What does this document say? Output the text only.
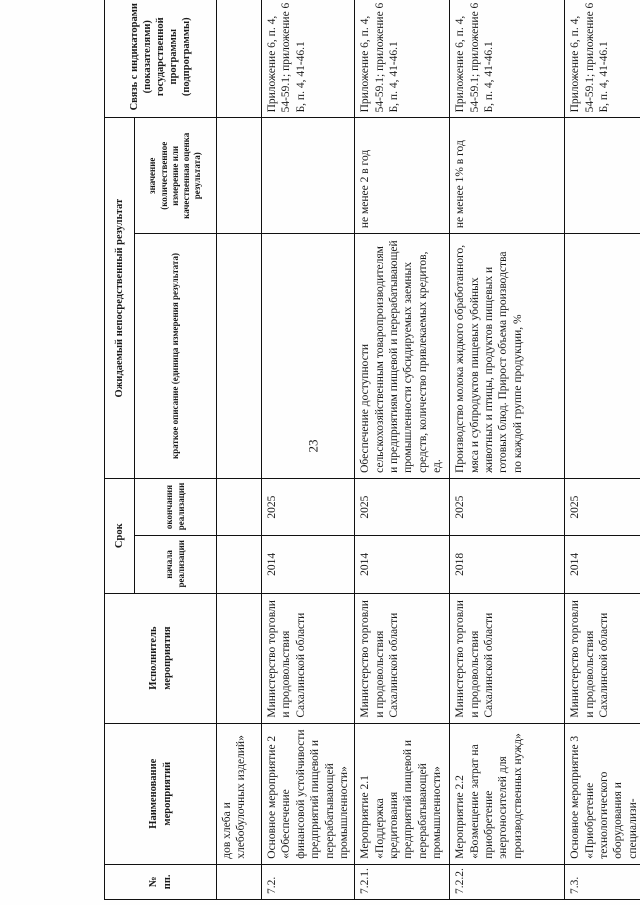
23
№ пп.	Наименование мероприятий	Исполнитель мероприятия	Срок		Ожидаемый непосредственный результат		Связь с индикаторами (показателями) государственной программы (подпрограммы)
			начала реализации	окончания реализации	краткое описание (единица измерения результата)	значение (количественное измерение или качественная оценка результата)	
	дов хлеба и хлебобулочных изделий»						
7.2.	Основное мероприятие 2 «Обеспечение финансовой устойчивости предприятий пищевой и перерабатывающей промышленности»	Министерство торговли и продовольствия Сахалинской области	2014	2025			Приложение 6, п. 4, 54-59.1; приложение 6 Б, п. 4, 41-46.1
7.2.1.	Мероприятие 2.1 «Поддержка кредитования предприятий пищевой и перерабатывающей промышленности»	Министерство торговли и продовольствия Сахалинской области	2014	2025	Обеспечение доступности сельскохозяйственным товаропроизводителям и предприятиям пищевой и перерабатывающей промышленности субсидируемых заемных средств, количество привлекаемых кредитов, ед.	не менее 2 в год	Приложение 6, п. 4, 54-59.1; приложение 6 Б, п. 4, 41-46.1
7.2.2.	Мероприятие 2.2 «Возмещение затрат на приобретение энергоносителей для производственных нужд»	Министерство торговли и продовольствия Сахалинской области	2018	2025	Производство молока жидкого обработанного, мяса и субпродуктов пищевых убойных животных и птицы, продуктов пищевых и готовых блюд. Прирост объема производства по каждой группе продукции, %	не менее 1% в год	Приложение 6, п. 4, 54-59.1; приложение 6 Б, п. 4, 41-46.1
7.3.	Основное мероприятие 3 «Приобретение технологического оборудования и специализи-	Министерство торговли и продовольствия Сахалинской области	2014	2025			Приложение 6, п. 4, 54-59.1; приложение 6 Б, п. 4, 41-46.1
